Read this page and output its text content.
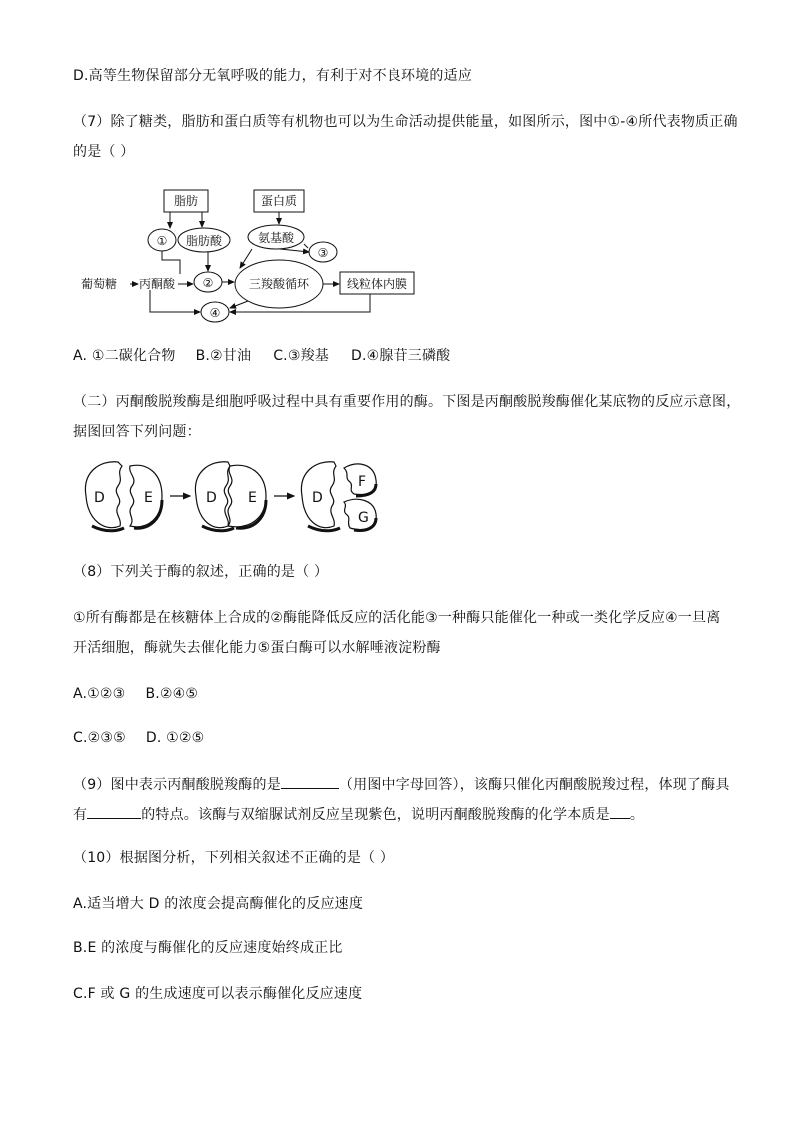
D.高等生物保留部分无氧呼吸的能力，有利于对不良环境的适应
（7）除了糖类，脂肪和蛋白质等有机物也可以为生命活动提供能量，如图所示，图中①-④所代表物质正确
的是（ ）
脂肪	蛋白质
① 脂肪酸	氨基酸
③
葡萄糖 丙酮酸 ②	三羧酸循环	线粒体内膜
④
A. ①二碳化合物 B.②甘油 C.③羧基 D.④腺苷三磷酸
（二）丙酮酸脱羧酶是细胞呼吸过程中具有重要作用的酶。下图是丙酮酸脱羧酶催化某底物的反应示意图，
据图回答下列问题：
D	E	D E	D
F
G
（8）下列关于酶的叙述，正确的是（ ）
①所有酶都是在核糖体上合成的②酶能降低反应的活化能③一种酶只能催化一种或一类化学反应④一旦离
开活细胞，酶就失去催化能力⑤蛋白酶可以水解唾液淀粉酶
A.①②③ B.②④⑤
C.②③⑤ D. ①②⑤
（9）图中表示丙酮酸脱羧酶的是	（用图中字母回答），该酶只催化丙酮酸脱羧过程，体现了酶具
有	的特点。该酶与双缩脲试剂反应呈现紫色，说明丙酮酸脱羧酶的化学本质是 。
（10）根据图分析，下列相关叙述不正确的是（ ）
A.适当增大 D 的浓度会提高酶催化的反应速度
B.E 的浓度与酶催化的反应速度始终成正比
C.F 或 G 的生成速度可以表示酶催化反应速度
